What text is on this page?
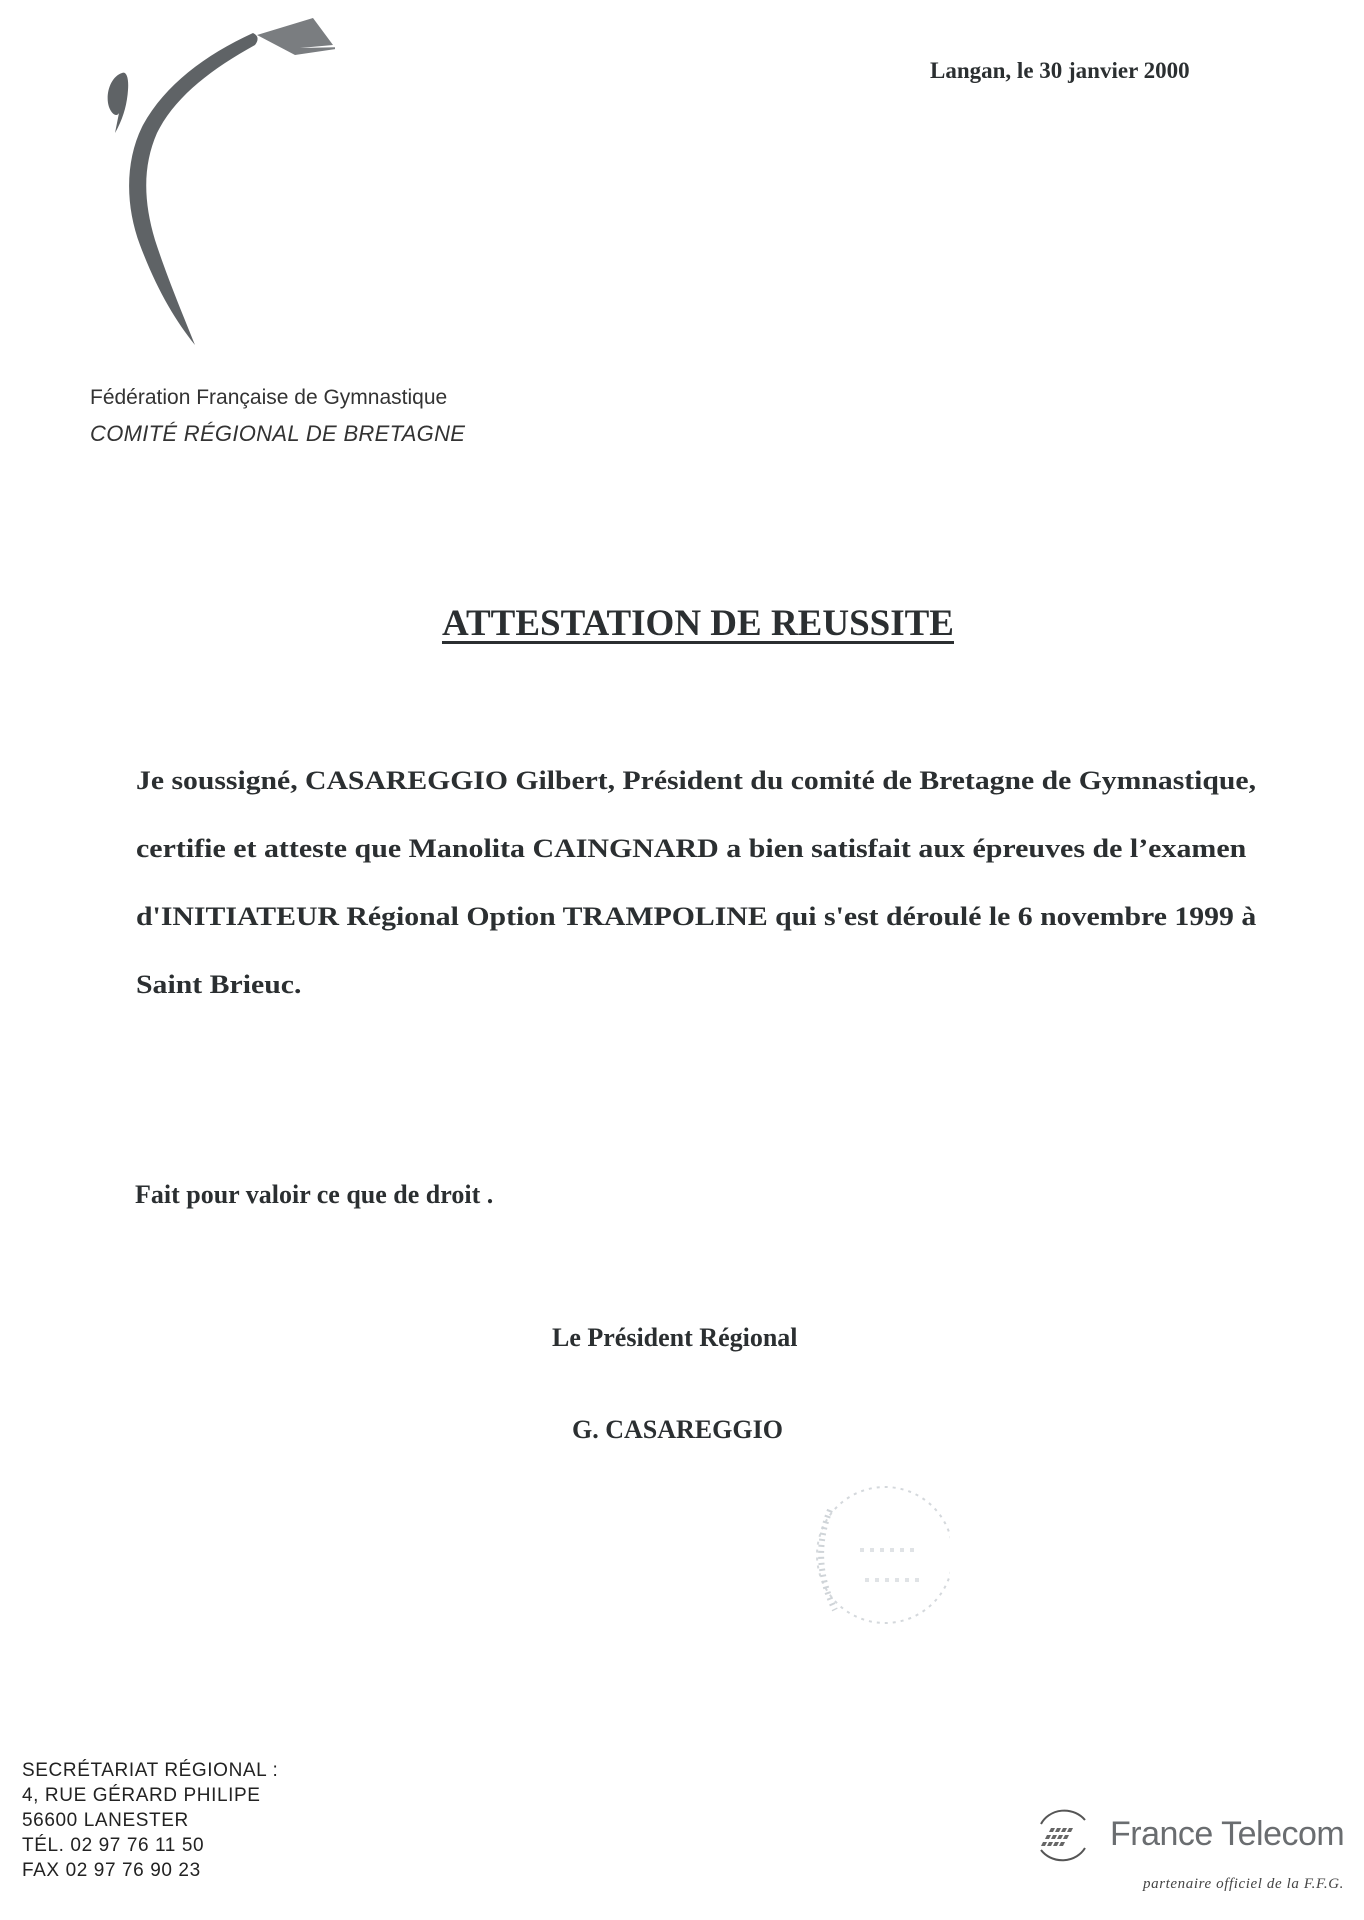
Langan, le 30 janvier 2000
Fédération Française de Gymnastique
COMITÉ RÉGIONAL DE BRETAGNE
ATTESTATION DE REUSSITE
Je soussigné, CASAREGGIO Gilbert, Président du comité de Bretagne de Gymnastique,
certifie et atteste que Manolita CAINGNARD a bien satisfait aux épreuves de l’examen
d'INITIATEUR Régional Option TRAMPOLINE qui s'est déroulé le 6 novembre 1999 à
Saint Brieuc.
Fait pour valoir ce que de droit .
Le Président Régional
G. CASAREGGIO
SECRÉTARIAT RÉGIONAL :
4, RUE GÉRARD PHILIPE
56600 LANESTER
TÉL. 02 97 76 11 50
FAX 02 97 76 90 23
France Telecom
partenaire officiel de la F.F.G.
